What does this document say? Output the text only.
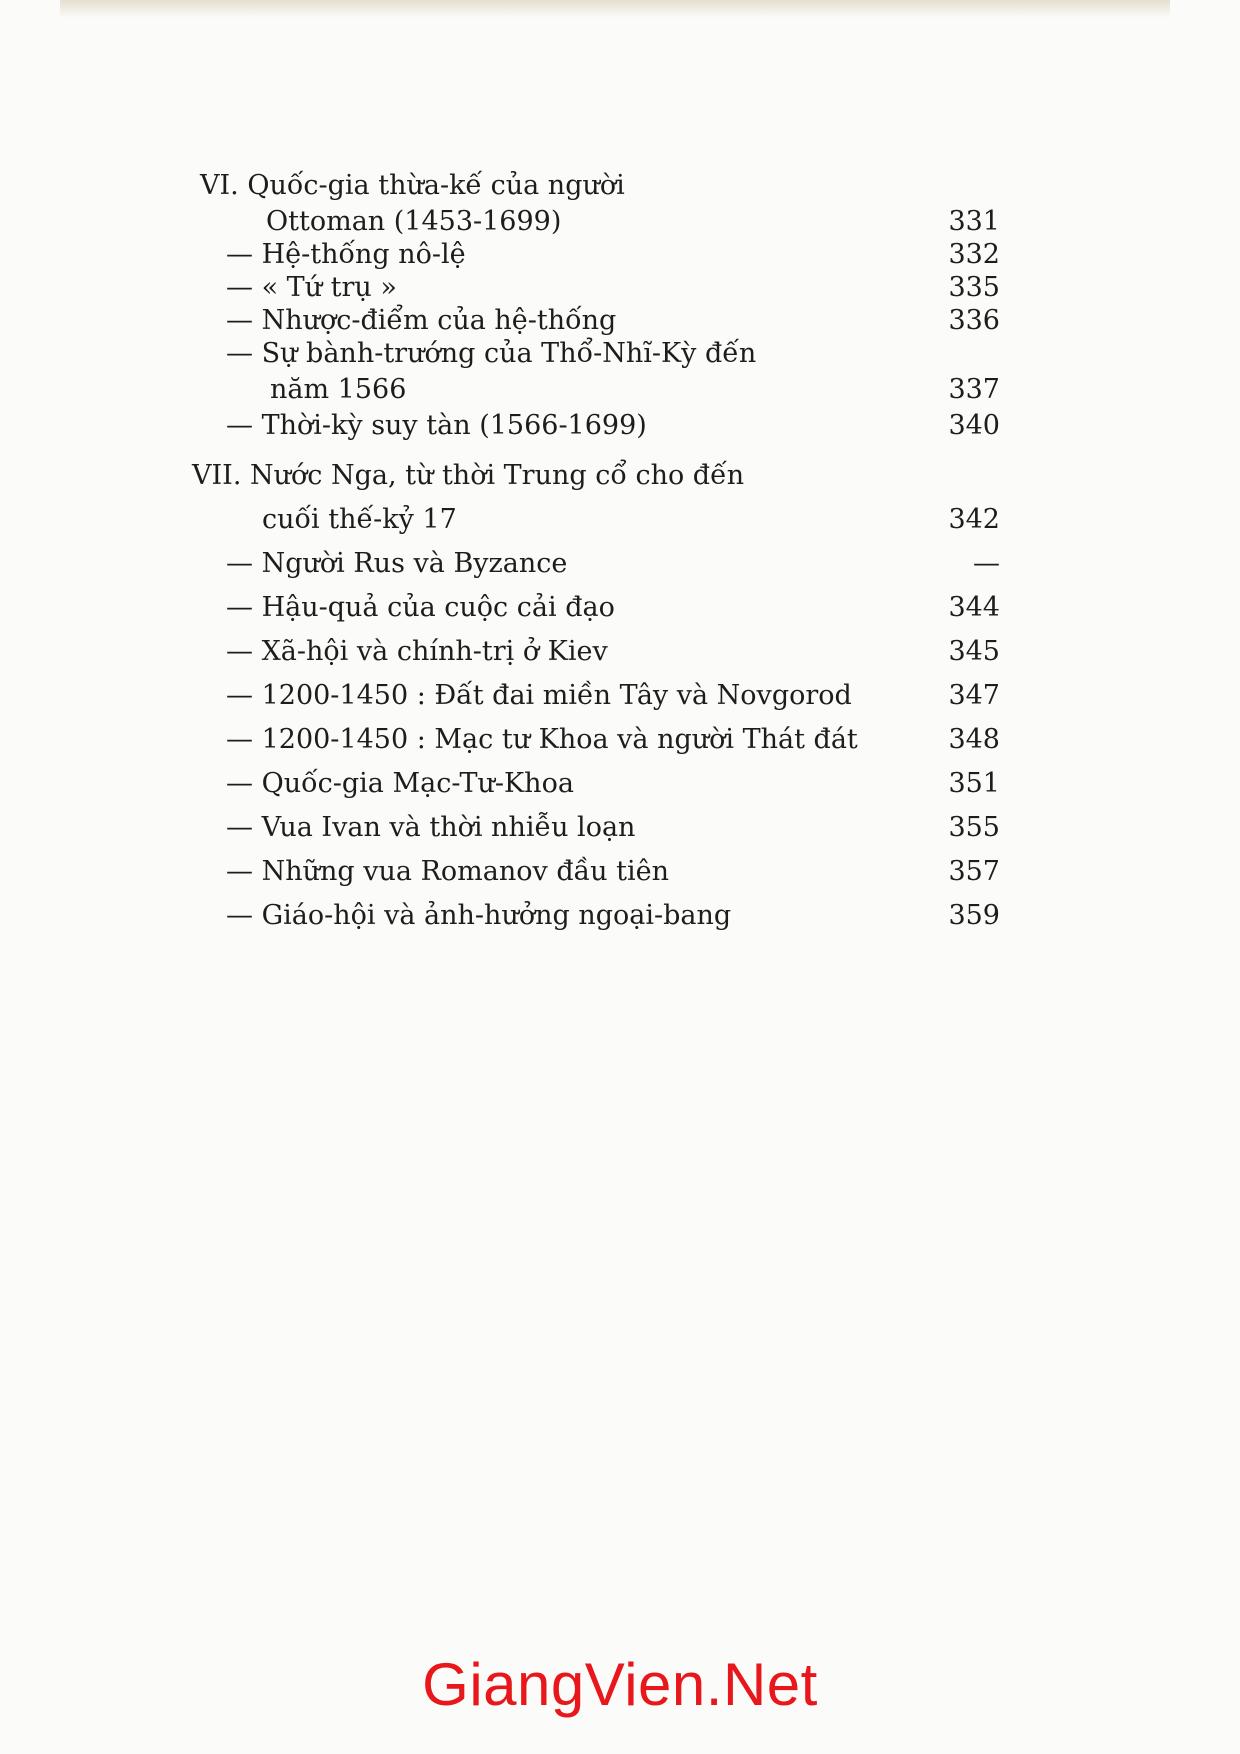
VI. Quốc-gia thừa-kế của người
Ottoman (1453-1699)	331
— Hệ-thống nô-lệ	332
— « Tứ trụ »	335
— Nhược-điểm của hệ-thống	336
— Sự bành-trướng của Thổ-Nhĩ-Kỳ đến
năm 1566	337
— Thời-kỳ suy tàn (1566-1699)	340
VII. Nước Nga, từ thời Trung cổ cho đến
cuối thế-kỷ 17	342
— Người Rus và Byzance	—
— Hậu-quả của cuộc cải đạo	344
— Xã-hội và chính-trị ở Kiev	345
— 1200-1450 : Đất đai miền Tây và Novgorod	347
— 1200-1450 : Mạc tư Khoa và người Thát đát	348
— Quốc-gia Mạc-Tư-Khoa	351
— Vua Ivan và thời nhiễu loạn	355
— Những vua Romanov đầu tiên	357
— Giáo-hội và ảnh-hưởng ngoại-bang	359
GiangVien.Net
